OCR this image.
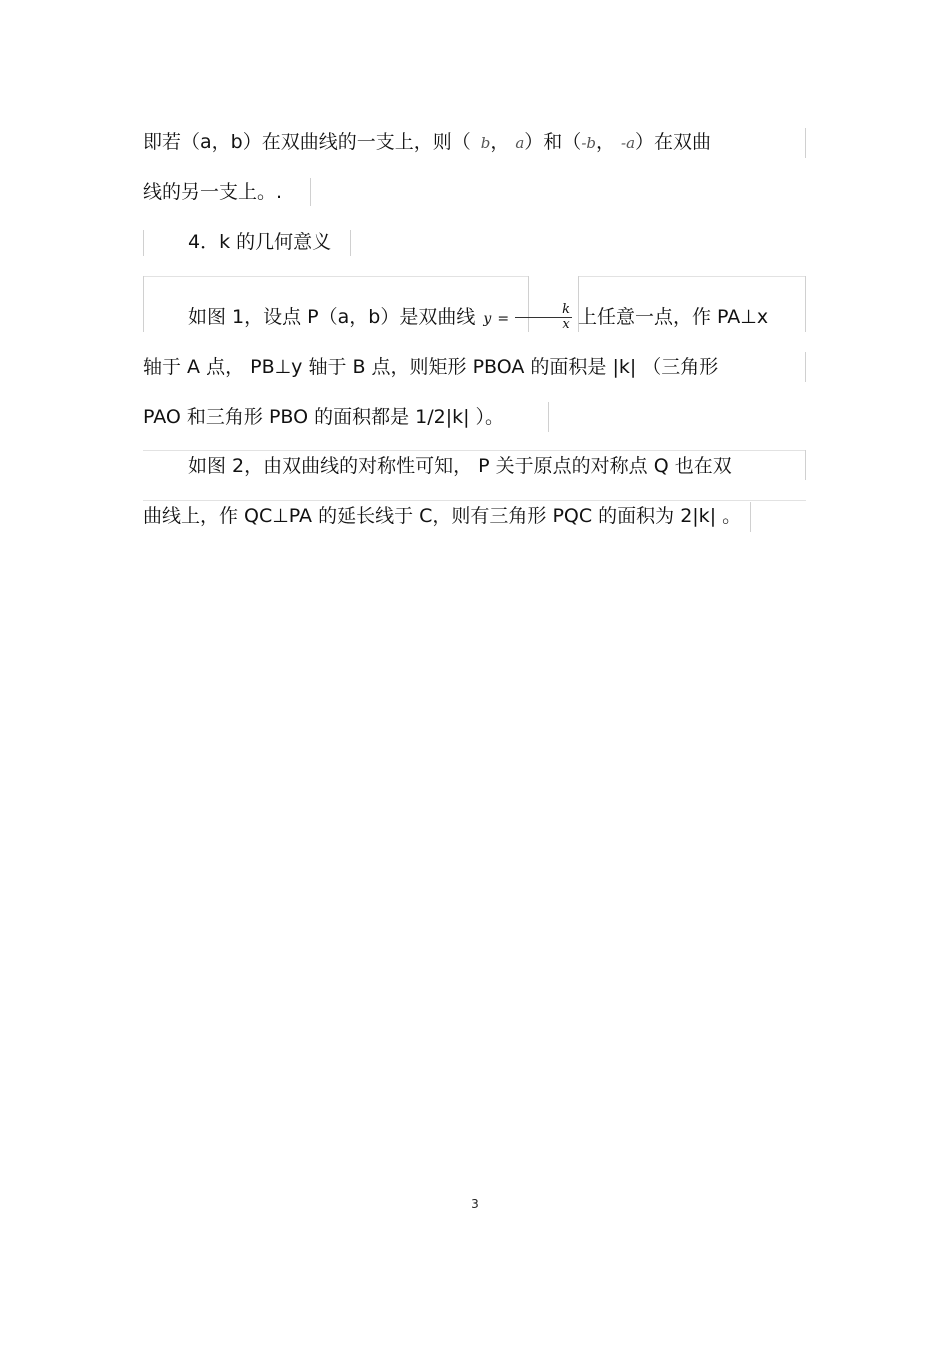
即若（a，b）在双曲线的一支上，则（ b， a）和（-b， -a）在双曲
线的另一支上。.
4．k 的几何意义
如图 1，设点 P（a，b）是双曲线 $y = \frac{k}{x}$ 上任意一点，作 PA⊥x
轴于 A 点， PB⊥y 轴于 B 点，则矩形 PBOA 的面积是 |k| （三角形
PAO 和三角形 PBO 的面积都是 1/2|k| ）。
如图 2，由双曲线的对称性可知， P 关于原点的对称点 Q 也在双
曲线上，作 QC⊥PA 的延长线于 C，则有三角形 PQC 的面积为 2|k| 。
3
